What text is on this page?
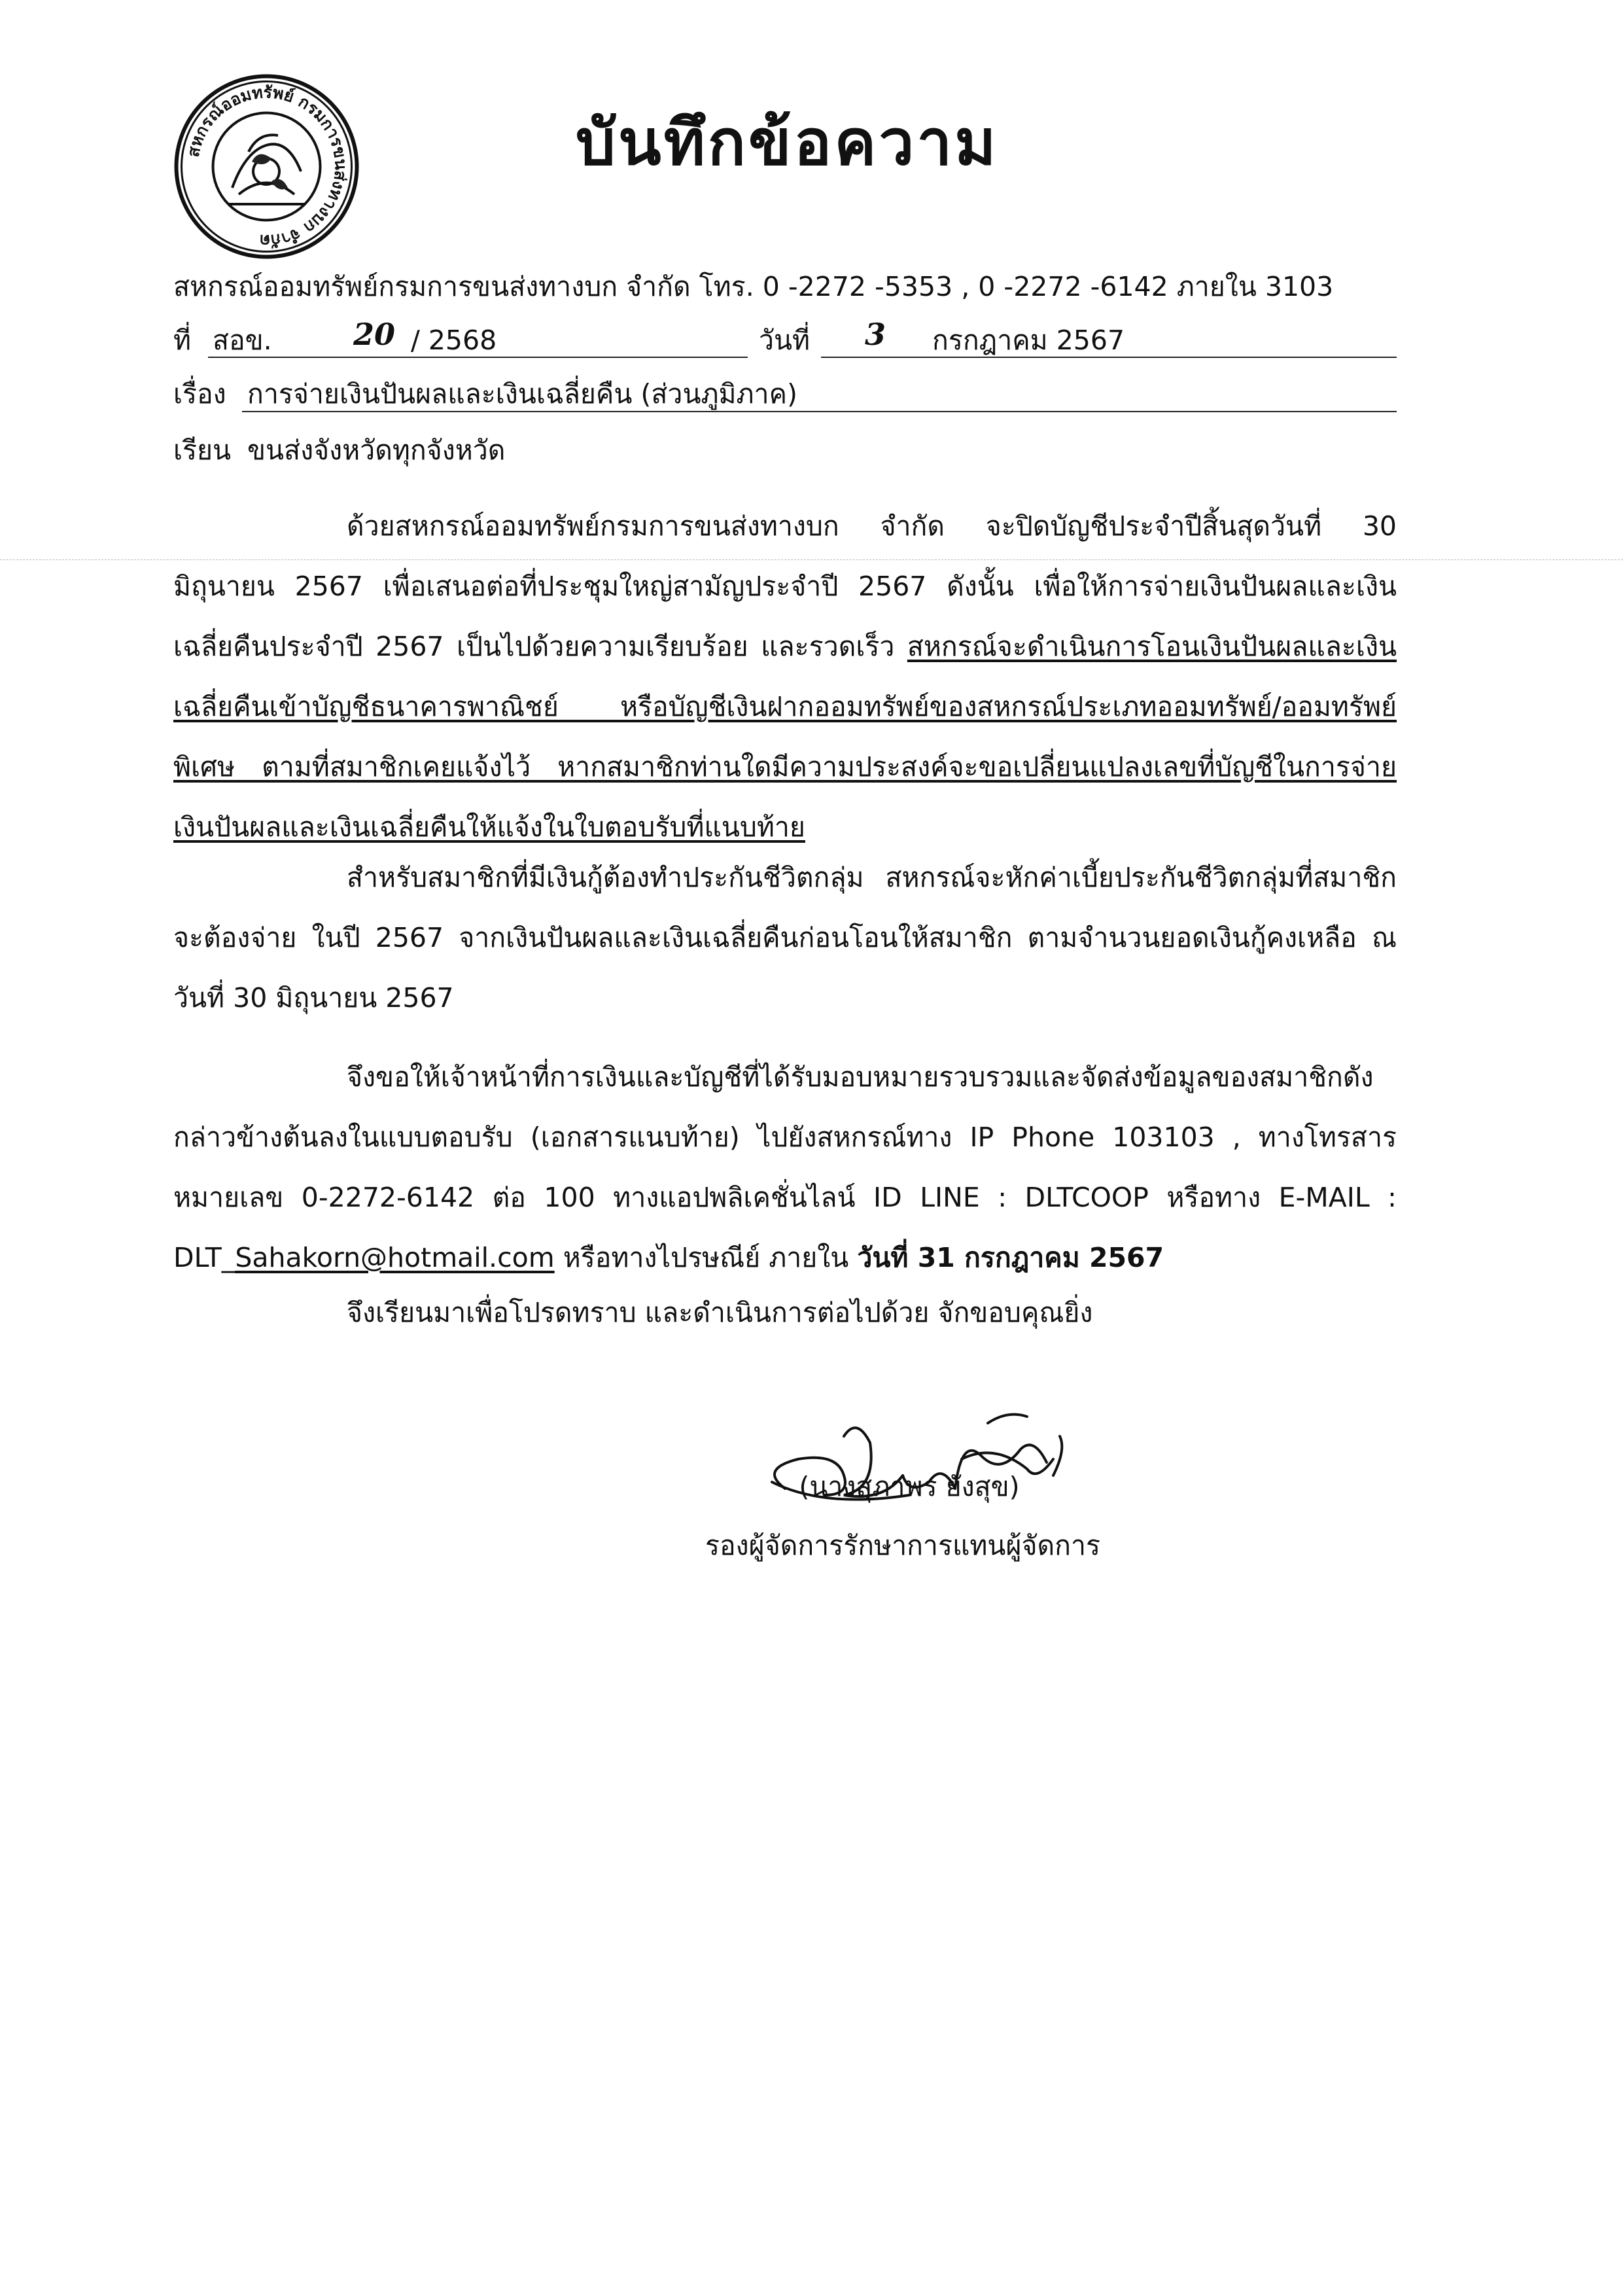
สหกรณ์ออมทรัพย์ กรมการขนส่งทางบก จำกัด
บันทึกข้อความ
สหกรณ์ออมทรัพย์กรมการขนส่งทางบก จำกัด โทร. 0 -2272 -5353 , 0 -2272 -6142 ภายใน 3103
ที่ สอข.	20 / 2568	วันที่ 3 กรกฎาคม 2567
เรื่อง การจ่ายเงินปันผลและเงินเฉลี่ยคืน (ส่วนภูมิภาค)
เรียน ขนส่งจังหวัดทุกจังหวัด
ด้วยสหกรณ์ออมทรัพย์กรมการขนส่งทางบก จำกัด จะปิดบัญชีประจำปีสิ้นสุดวันที่ 30 มิถุนายน 2567 เพื่อเสนอต่อที่ประชุมใหญ่สามัญประจำปี 2567 ดังนั้น เพื่อให้การจ่ายเงินปันผลและเงินเฉลี่ยคืนประจำปี 2567 เป็นไปด้วยความเรียบร้อย และรวดเร็ว สหกรณ์จะดำเนินการโอนเงินปันผลและเงินเฉลี่ยคืนเข้าบัญชีธนาคารพาณิชย์ หรือบัญชีเงินฝากออมทรัพย์ของสหกรณ์ประเภทออมทรัพย์/ออมทรัพย์พิเศษ ตามที่สมาชิกเคยแจ้งไว้ หากสมาชิกท่านใดมีความประสงค์จะขอเปลี่ยนแปลงเลขที่บัญชีในการจ่ายเงินปันผลและเงินเฉลี่ยคืนให้แจ้งในใบตอบรับที่แนบท้าย
สำหรับสมาชิกที่มีเงินกู้ต้องทำประกันชีวิตกลุ่ม สหกรณ์จะหักค่าเบี้ยประกันชีวิตกลุ่มที่สมาชิกจะต้องจ่าย ในปี 2567 จากเงินปันผลและเงินเฉลี่ยคืนก่อนโอนให้สมาชิก ตามจำนวนยอดเงินกู้คงเหลือ ณ วันที่ 30 มิถุนายน 2567
จึงขอให้เจ้าหน้าที่การเงินและบัญชีที่ได้รับมอบหมายรวบรวมและจัดส่งข้อมูลของสมาชิกดังกล่าวข้างต้นลงในแบบตอบรับ (เอกสารแนบท้าย) ไปยังสหกรณ์ทาง IP Phone 103103 , ทางโทรสารหมายเลข 0-2272-6142 ต่อ 100 ทางแอปพลิเคชั่นไลน์ ID LINE : DLTCOOP หรือทาง E-MAIL : DLT_Sahakorn@hotmail.com หรือทางไปรษณีย์ ภายใน วันที่ 31 กรกฎาคม 2567
จึงเรียนมาเพื่อโปรดทราบ และดำเนินการต่อไปด้วย จักขอบคุณยิ่ง
(นางสุภาพร ยังสุข)
รองผู้จัดการรักษาการแทนผู้จัดการ
